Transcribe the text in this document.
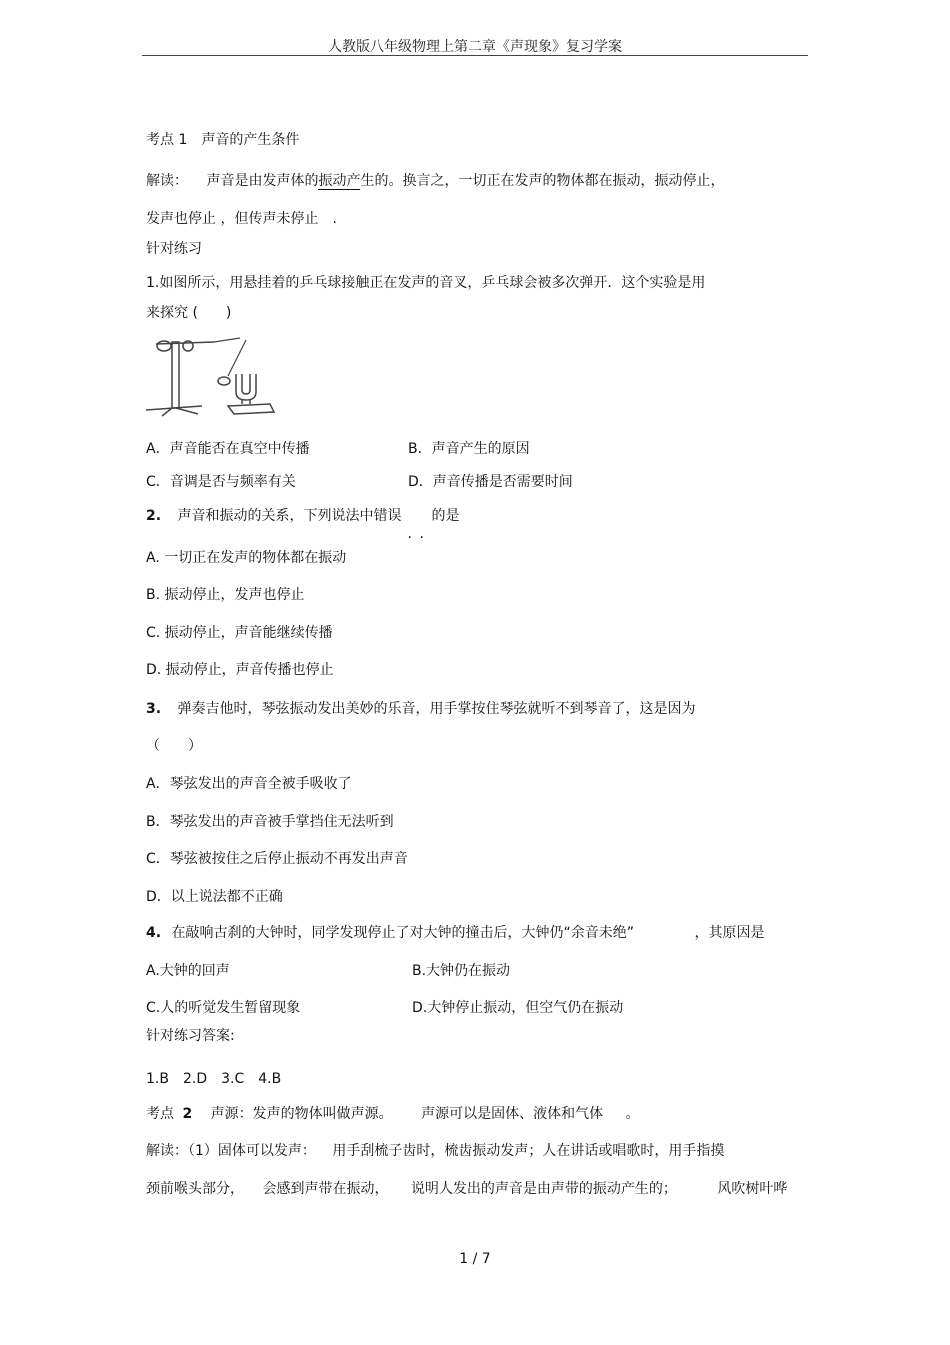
人教版八年级物理上第二章《声现象》复习学案
考点 1　声音的产生条件
解读： 声音是由发声体的振动产生的。换言之，一切正在发声的物体都在振动，振动停止，
发声也停止 ，但传声未停止　.
针对练习
1.如图所示，用悬挂着的乒乓球接触正在发声的音叉，乒乓球会被多次弹开．这个实验是用
来探究 (　　)
A．声音能否在真空中传播	B．声音产生的原因
C．音调是否与频率有关	D．声音传播是否需要时间
2. 声音和振动的关系，下列说法中错误
. .
的是
A. 一切正在发声的物体都在振动
B. 振动停止，发声也停止
C. 振动停止，声音能继续传播
D. 振动停止，声音传播也停止
3. 弹奏吉他时，琴弦振动发出美妙的乐音，用手掌按住琴弦就听不到琴音了，这是因为
（　　）
A．琴弦发出的声音全被手吸收了
B．琴弦发出的声音被手掌挡住无法听到
C．琴弦被按住之后停止振动不再发出声音
D．以上说法都不正确
4. 在敲响古刹的大钟时，同学发现停止了对大钟的撞击后，大钟仍“余音未绝”	，其原因是
A.大钟的回声	B.大钟仍在振动
C.人的听觉发生暂留现象	D.大钟停止振动，但空气仍在振动
针对练习答案:
1.B　2.D　3.C　4.B
考点 2 声源：发声的物体叫做声源。 声源可以是固体、液体和气体 。
解读：（1）固体可以发声： 用手刮梳子齿时，梳齿振动发声；人在讲话或唱歌时，用手指摸
颈前喉头部分， 会感到声带在振动， 说明人发出的声音是由声带的振动产生的；	风吹树叶哗
1 / 7
